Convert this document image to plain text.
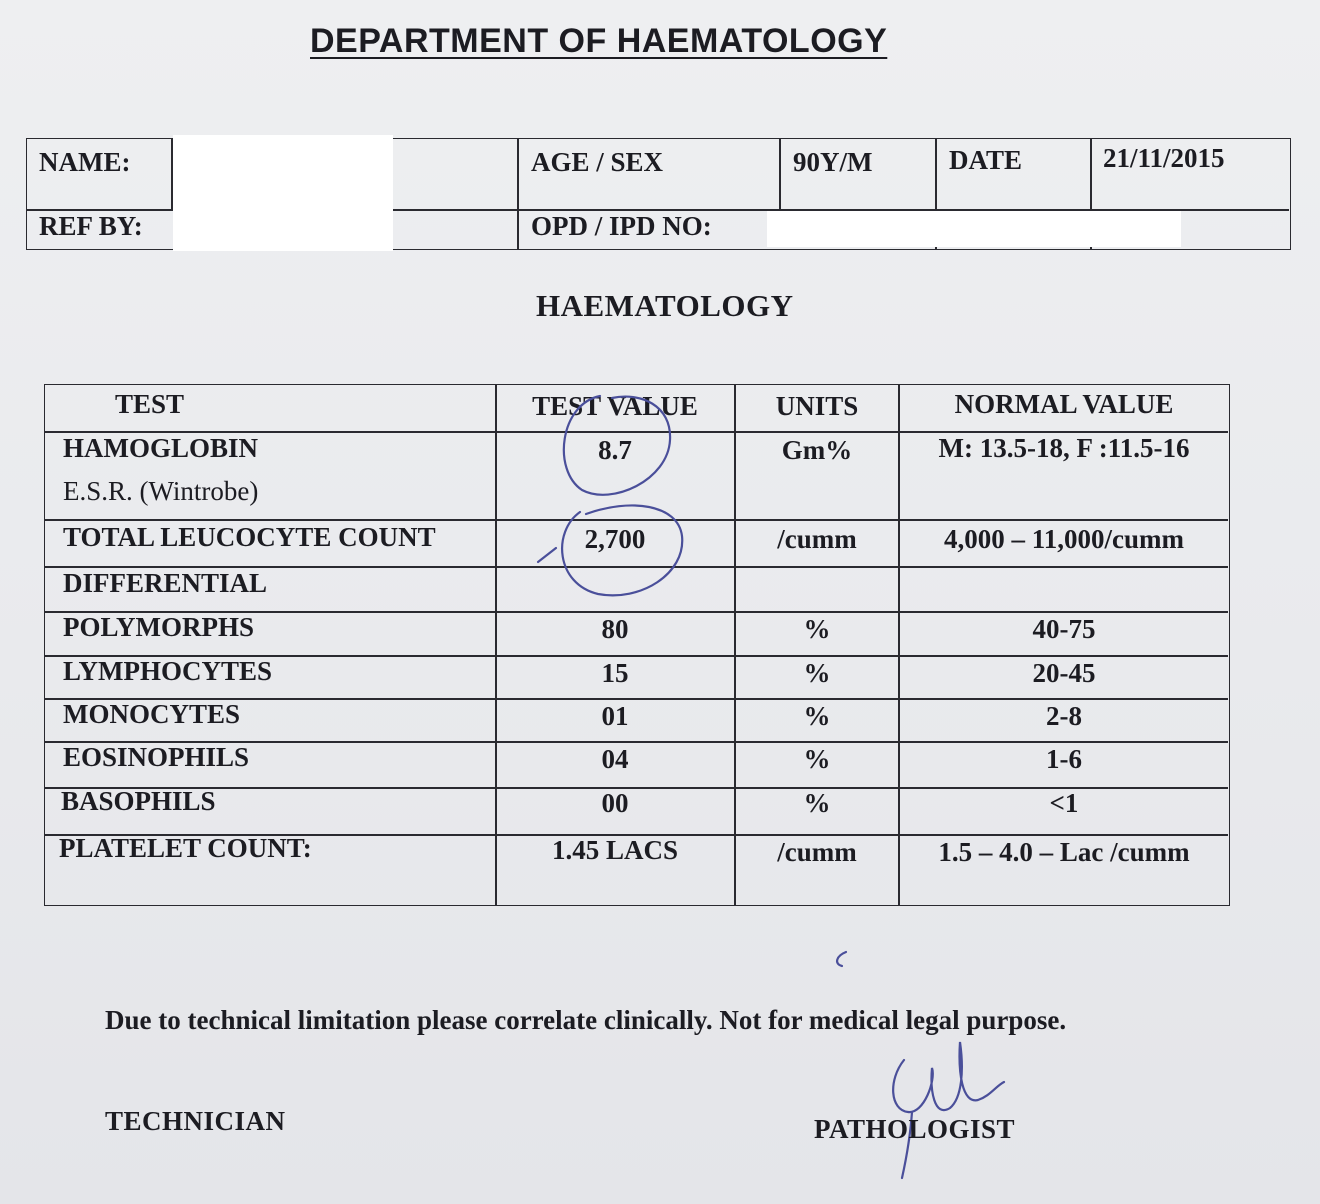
DEPARTMENT OF HAEMATOLOGY
NAME:
REF BY:
AGE / SEX	90Y/M	DATE	21/11/2015
OPD / IPD NO:
HAEMATOLOGY
TEST	TEST VALUE	UNITS	NORMAL VALUE
HAMOGLOBIN	8.7	Gm%	M: 13.5-18, F :11.5-16
E.S.R. (Wintrobe)
TOTAL LEUCOCYTE COUNT	2,700	/cumm	4,000 – 11,000/cumm
DIFFERENTIAL
POLYMORPHS	80	%	40-75
LYMPHOCYTES	15	%	20-45
MONOCYTES	01	%	2-8
EOSINOPHILS	04	%	1-6
BASOPHILS	00	%	<1
PLATELET COUNT:	1.45 LACS	/cumm	1.5 – 4.0 – Lac /cumm
Due to technical limitation please correlate clinically. Not for medical legal purpose.
TECHNICIAN	PATHOLOGIST
